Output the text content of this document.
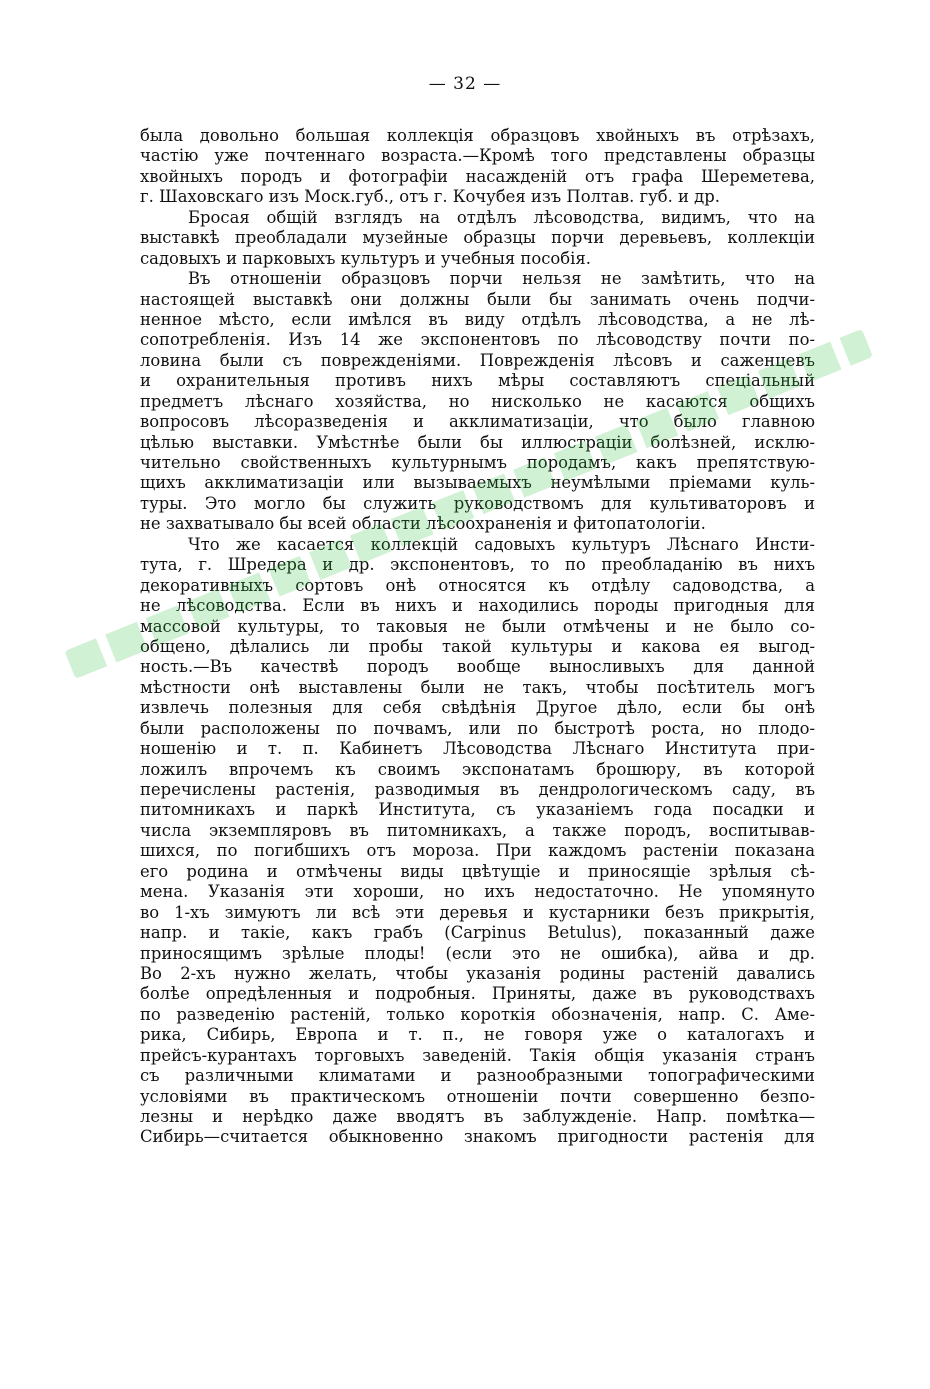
— 32 —
была довольно большая коллекція образцовъ хвойныхъ въ отрѣзахъ,
частію уже почтеннаго возраста.—Кромѣ того представлены образцы
хвойныхъ породъ и фотографіи насажденій отъ графа Шереметева,
г. Шаховскаго изъ Моск.губ., отъ г. Кочубея изъ Полтав. губ. и др.
Бросая общій взглядъ на отдѣлъ лѣсоводства, видимъ, что на
выставкѣ преобладали музейные образцы порчи деревьевъ, коллекціи
садовыхъ и парковыхъ культуръ и учебныя пособія.
Въ отношеніи образцовъ порчи нельзя не замѣтить, что на
настоящей выставкѣ они должны были бы занимать очень подчи-
ненное мѣсто, если имѣлся въ виду отдѣлъ лѣсоводства, а не лѣ-
сопотребленія. Изъ 14 же экспонентовъ по лѣсоводству почти по-
ловина были съ поврежденіями. Поврежденія лѣсовъ и саженцевъ
и охранительныя противъ нихъ мѣры составляютъ спеціальный
предметъ лѣснаго хозяйства, но нисколько не касаются общихъ
вопросовъ лѣсоразведенія и акклиматизаціи, что было главною
цѣлью выставки. Умѣстнѣе были бы иллюстраціи болѣзней, исклю-
чительно свойственныхъ культурнымъ породамъ, какъ препятствую-
щихъ акклиматизаціи или вызываемыхъ неумѣлыми пріемами куль-
туры. Это могло бы служить руководствомъ для культиваторовъ и
не захватывало бы всей области лѣсоохраненія и фитопатологіи.
Что же касается коллекцій садовыхъ культуръ Лѣснаго Инсти-
тута, г. Шредера и др. экспонентовъ, то по преобладанію въ нихъ
декоративныхъ сортовъ онѣ относятся къ отдѣлу садоводства, а
не лѣсоводства. Если въ нихъ и находились породы пригодныя для
массовой культуры, то таковыя не были отмѣчены и не было со-
общено, дѣлались ли пробы такой культуры и какова ея выгод-
ность.—Въ качествѣ породъ вообще выносливыхъ для данной
мѣстности онѣ выставлены были не такъ, чтобы посѣтитель могъ
извлечь полезныя для себя свѣдѣнія Другое дѣло, если бы онѣ
были расположены по почвамъ, или по быстротѣ роста, но плодо-
ношенію и т. п. Кабинетъ Лѣсоводства Лѣснаго Института при-
ложилъ впрочемъ къ своимъ экспонатамъ брошюру, въ которой
перечислены растенія, разводимыя въ дендрологическомъ саду, въ
питомникахъ и паркѣ Института, съ указаніемъ года посадки и
числа экземпляровъ въ питомникахъ, а также породъ, воспитывав-
шихся, по погибшихъ отъ мороза. При каждомъ растеніи показана
его родина и отмѣчены виды цвѣтущіе и приносящіе зрѣлыя сѣ-
мена. Указанія эти хороши, но ихъ недостаточно. Не упомянуто
во 1-хъ зимуютъ ли всѣ эти деревья и кустарники безъ прикрытія,
напр. и такіе, какъ грабъ (Carpinus Betulus), показанный даже
приносящимъ зрѣлые плоды! (если это не ошибка), айва и др.
Во 2-хъ нужно желать, чтобы указанія родины растеній давались
болѣе опредѣленныя и подробныя. Приняты, даже въ руководствахъ
по разведенію растеній, только короткія обозначенія, напр. С. Аме-
рика, Сибирь, Европа и т. п., не говоря уже о каталогахъ и
прейсъ-курантахъ торговыхъ заведеній. Такія общія указанія странъ
съ различными климатами и разнообразными топографическими
условіями въ практическомъ отношеніи почти совершенно безпо-
лезны и нерѣдко даже вводятъ въ заблужденіе. Напр. помѣтка—
Сибирь—считается обыкновенно знакомъ пригодности растенія для
